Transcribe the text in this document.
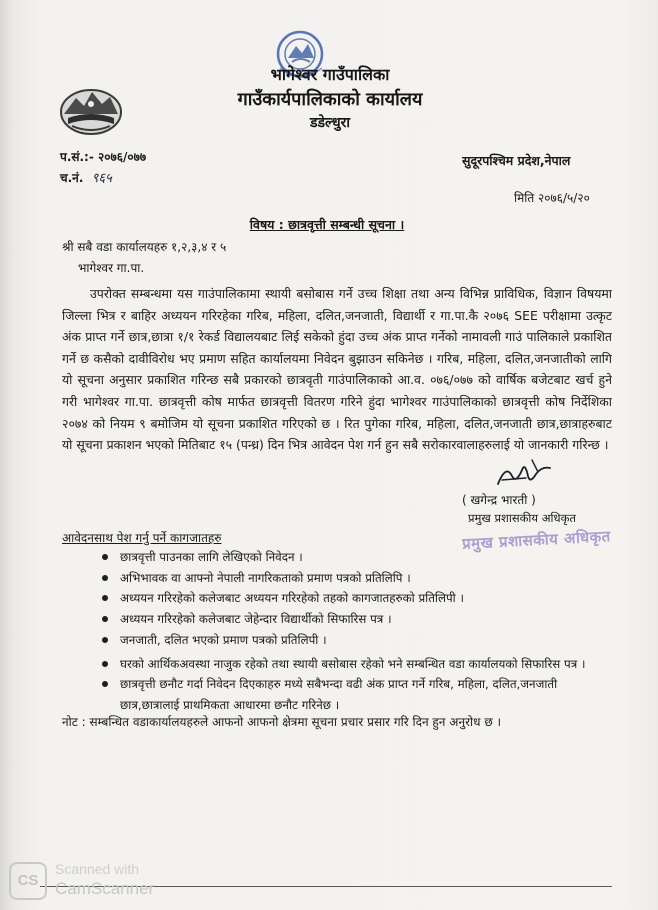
भागेश्वर गाउँपालिका
गाउँकार्यपालिकाको कार्यालय
डडेल्धुरा
प.सं.:- २०७६/०७७
च.नं. ९६५
सुदूरपश्चिम प्रदेश,नेपाल
मिति २०७६/५/२०
विषय : छात्रवृत्ती सम्बन्धी सूचना ।
श्री सबै वडा कार्यालयहरु १,२,३,४ र ५
भागेश्वर गा.पा.
उपरोक्त सम्बन्धमा यस गाउंपालिकामा स्थायी बसोबास गर्ने उच्च शिक्षा तथा अन्य विभिन्न प्राविधिक, विज्ञान विषयमा जिल्ला भित्र र बाहिर अध्ययन गरिरहेका गरिब, महिला, दलित,जनजाती, विद्यार्थी र गा.पा.कै २०७६ SEE परीक्षामा उत्कृट अंक प्राप्त गर्ने छात्र,छात्रा १/१ रेकर्ड विद्यालयबाट लिई सकेको हुंदा उच्च अंक प्राप्त गर्नेको नामावली गाउं पालिकाले प्रकाशित गर्ने छ कसैको दावीविरोध भए प्रमाण सहित कार्यालयमा निवेदन बुझाउन सकिनेछ । गरिब, महिला, दलित,जनजातीको लागि यो सूचना अनुसार प्रकाशित गरिन्छ सबै प्रकारको छात्रवृती गाउंपालिकाको आ.व. ०७६/०७७ को वार्षिक बजेटबाट खर्च हुने गरी भागेश्वर गा.पा. छात्रवृत्ती कोष मार्फत छात्रवृत्ती वितरण गरिने हुंदा भागेश्वर गाउंपालिकाको छात्रवृत्ती कोष निर्देशिका २०७४ को नियम ९ बमोजिम यो सूचना प्रकाशित गरिएको छ । रित पुगेका गरिब, महिला, दलित,जनजाती छात्र,छात्राहरुबाट यो सूचना प्रकाशन भएको मितिबाट १५ (पन्ध्र) दिन भित्र आवेदन पेश गर्न हुन सबै सरोकारवालाहरुलाई यो जानकारी गरिन्छ ।
( खगेन्द्र भारती )
प्रमुख प्रशासकीय अधिकृत
प्रमुख प्रशासकीय अधिकृत
आवेदनसाथ पेश गर्नु पर्ने कागजातहरु
छात्रवृत्ती पाउनका लागि लेखिएको निवेदन ।
अभिभावक वा आफ्नो नेपाली नागरिकताको प्रमाण पत्रको प्रतिलिपि ।
अध्ययन गरिरहेको कलेजबाट अध्ययन गरिरहेको तहको कागजातहरुको प्रतिलिपी ।
अध्ययन गरिरहेको कलेजबाट जेहेन्दार विद्यार्थीको सिफारिस पत्र ।
जनजाती, दलित भएको प्रमाण पत्रको प्रतिलिपी ।
घरको आर्थिकअवस्था नाजुक रहेको तथा स्थायी बसोबास रहेको भने सम्बन्धित वडा कार्यालयको सिफारिस पत्र ।
छात्रवृत्ती छनौट गर्दा निवेदन दिएकाहरु मध्ये सबैभन्दा वढी अंक प्राप्त गर्ने गरिब, महिला, दलित,जनजाती छात्र,छात्रालाई प्राथमिकता आधारमा छनौट गरिनेछ ।
नोट : सम्बन्धित वडाकार्यालयहरुले आफनो आफनो क्षेत्रमा सूचना प्रचार प्रसार गरि दिन हुन अनुरोध छ ।
CS
Scanned with
CamScanner
